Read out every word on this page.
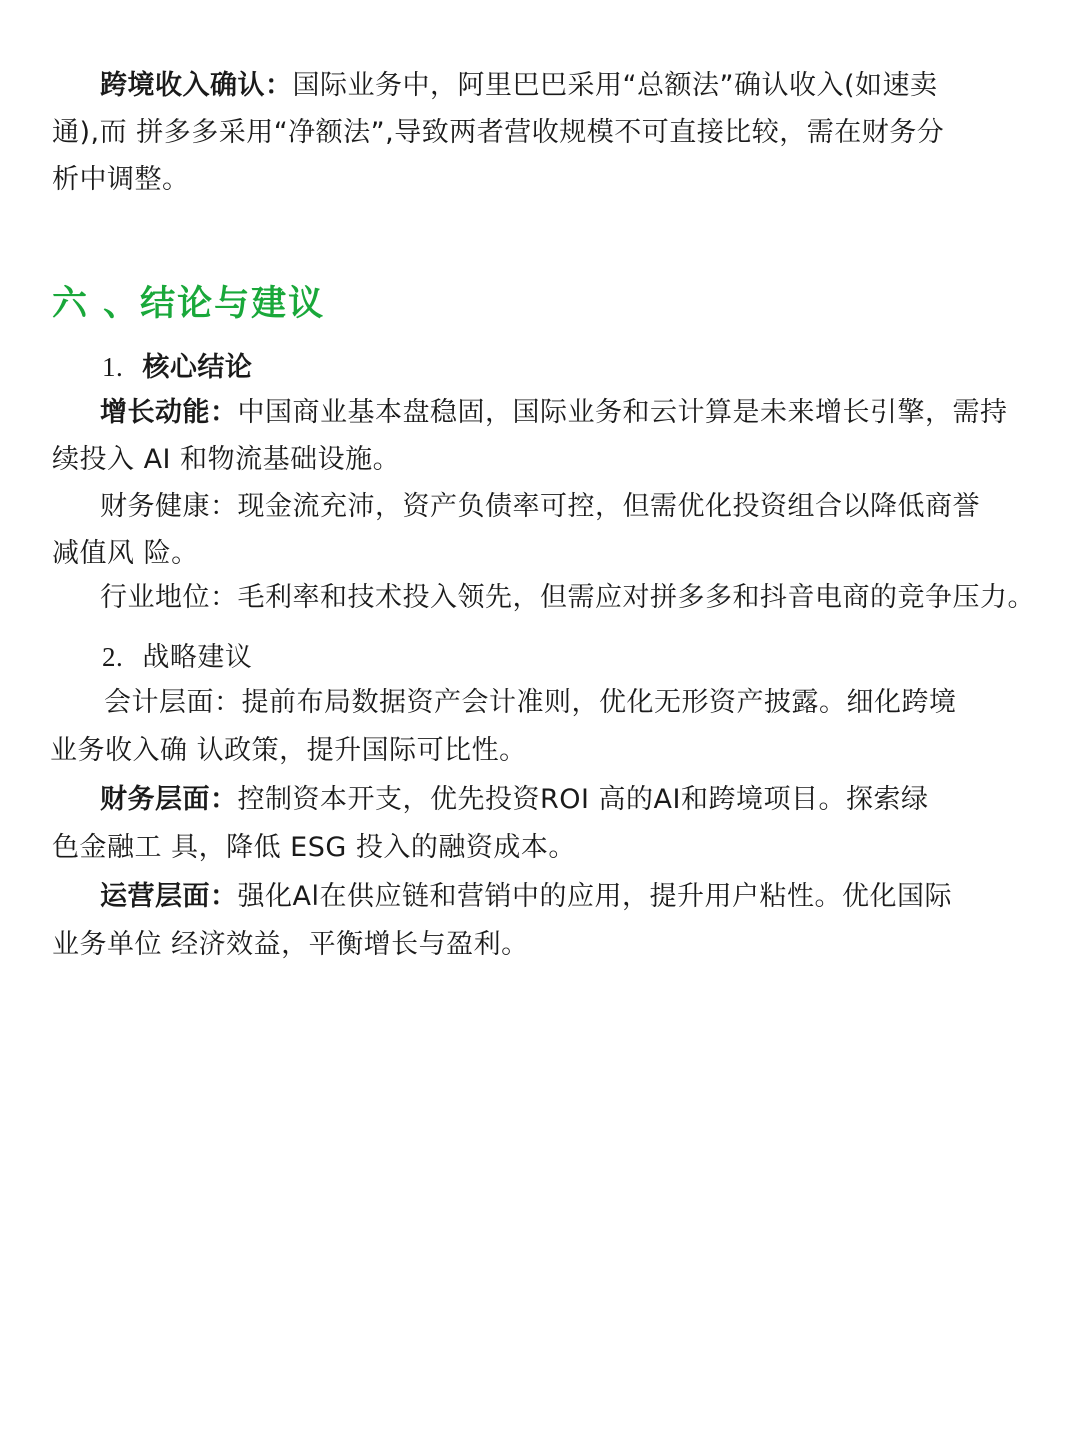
跨境收入确认：国际业务中，阿里巴巴采用“总额法”确认收入(如速卖
通),而 拼多多采用“净额法”,导致两者营收规模不可直接比较，需在财务分
析中调整。
六 、结论与建议
1. 核心结论
增长动能：中国商业基本盘稳固，国际业务和云计算是未来增长引擎，需持
续投入 AI 和物流基础设施。
财务健康：现金流充沛，资产负债率可控，但需优化投资组合以降低商誉
减值风 险。
行业地位：毛利率和技术投入领先，但需应对拼多多和抖音电商的竞争压力。
2. 战略建议
会计层面：提前布局数据资产会计准则，优化无形资产披露。细化跨境
业务收入确 认政策，提升国际可比性。
财务层面：控制资本开支，优先投资ROI 高的AI和跨境项目。探索绿
色金融工 具，降低 ESG 投入的融资成本。
运营层面：强化Al在供应链和营销中的应用，提升用户粘性。优化国际
业务单位 经济效益，平衡增长与盈利。
